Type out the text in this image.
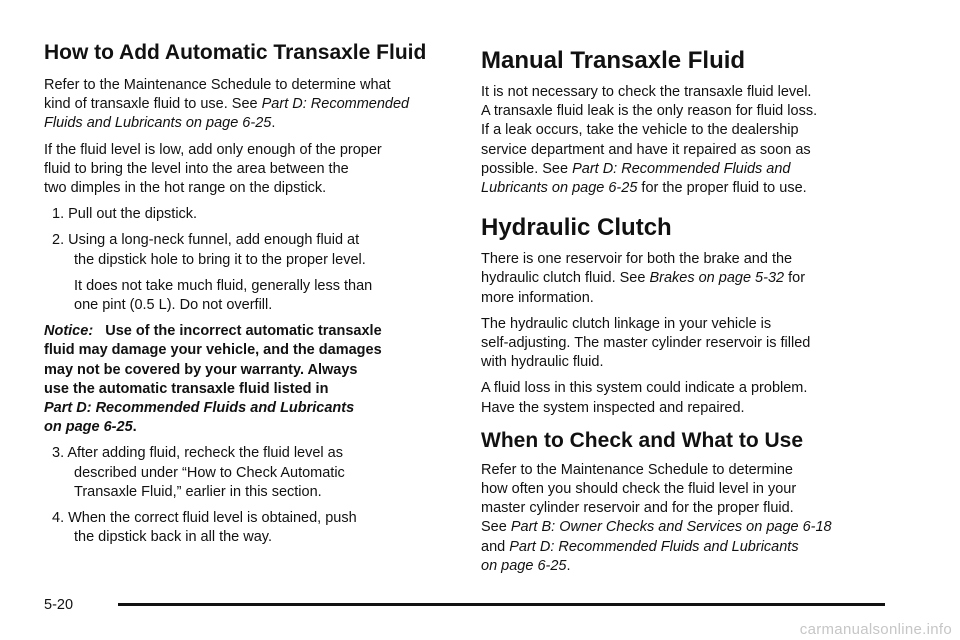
How to Add Automatic Transaxle Fluid

Refer to the Maintenance Schedule to determine what
kind of transaxle fluid to use. See Part D: Recommended
Fluids and Lubricants on page 6-25.

If the fluid level is low, add only enough of the proper
fluid to bring the level into the area between the
two dimples in the hot range on the dipstick.

1. Pull out the dipstick.

2. Using a long-neck funnel, add enough fluid at
the dipstick hole to bring it to the proper level.

It does not take much fluid, generally less than
one pint (0.5 L). Do not overfill.

Notice: Use of the incorrect automatic transaxle
fluid may damage your vehicle, and the damages
may not be covered by your warranty. Always
use the automatic transaxle fluid listed in
Part D: Recommended Fluids and Lubricants
on page 6-25.

3. After adding fluid, recheck the fluid level as
described under “How to Check Automatic
Transaxle Fluid,” earlier in this section.

4. When the correct fluid level is obtained, push
the dipstick back in all the way.

Manual Transaxle Fluid

It is not necessary to check the transaxle fluid level.
A transaxle fluid leak is the only reason for fluid loss.
If a leak occurs, take the vehicle to the dealership
service department and have it repaired as soon as
possible. See Part D: Recommended Fluids and
Lubricants on page 6-25 for the proper fluid to use.

Hydraulic Clutch

There is one reservoir for both the brake and the
hydraulic clutch fluid. See Brakes on page 5-32 for
more information.

The hydraulic clutch linkage in your vehicle is
self-adjusting. The master cylinder reservoir is filled
with hydraulic fluid.

A fluid loss in this system could indicate a problem.
Have the system inspected and repaired.

When to Check and What to Use

Refer to the Maintenance Schedule to determine
how often you should check the fluid level in your
master cylinder reservoir and for the proper fluid.
See Part B: Owner Checks and Services on page 6-18
and Part D: Recommended Fluids and Lubricants
on page 6-25.

5-20
carmanualsonline.info
